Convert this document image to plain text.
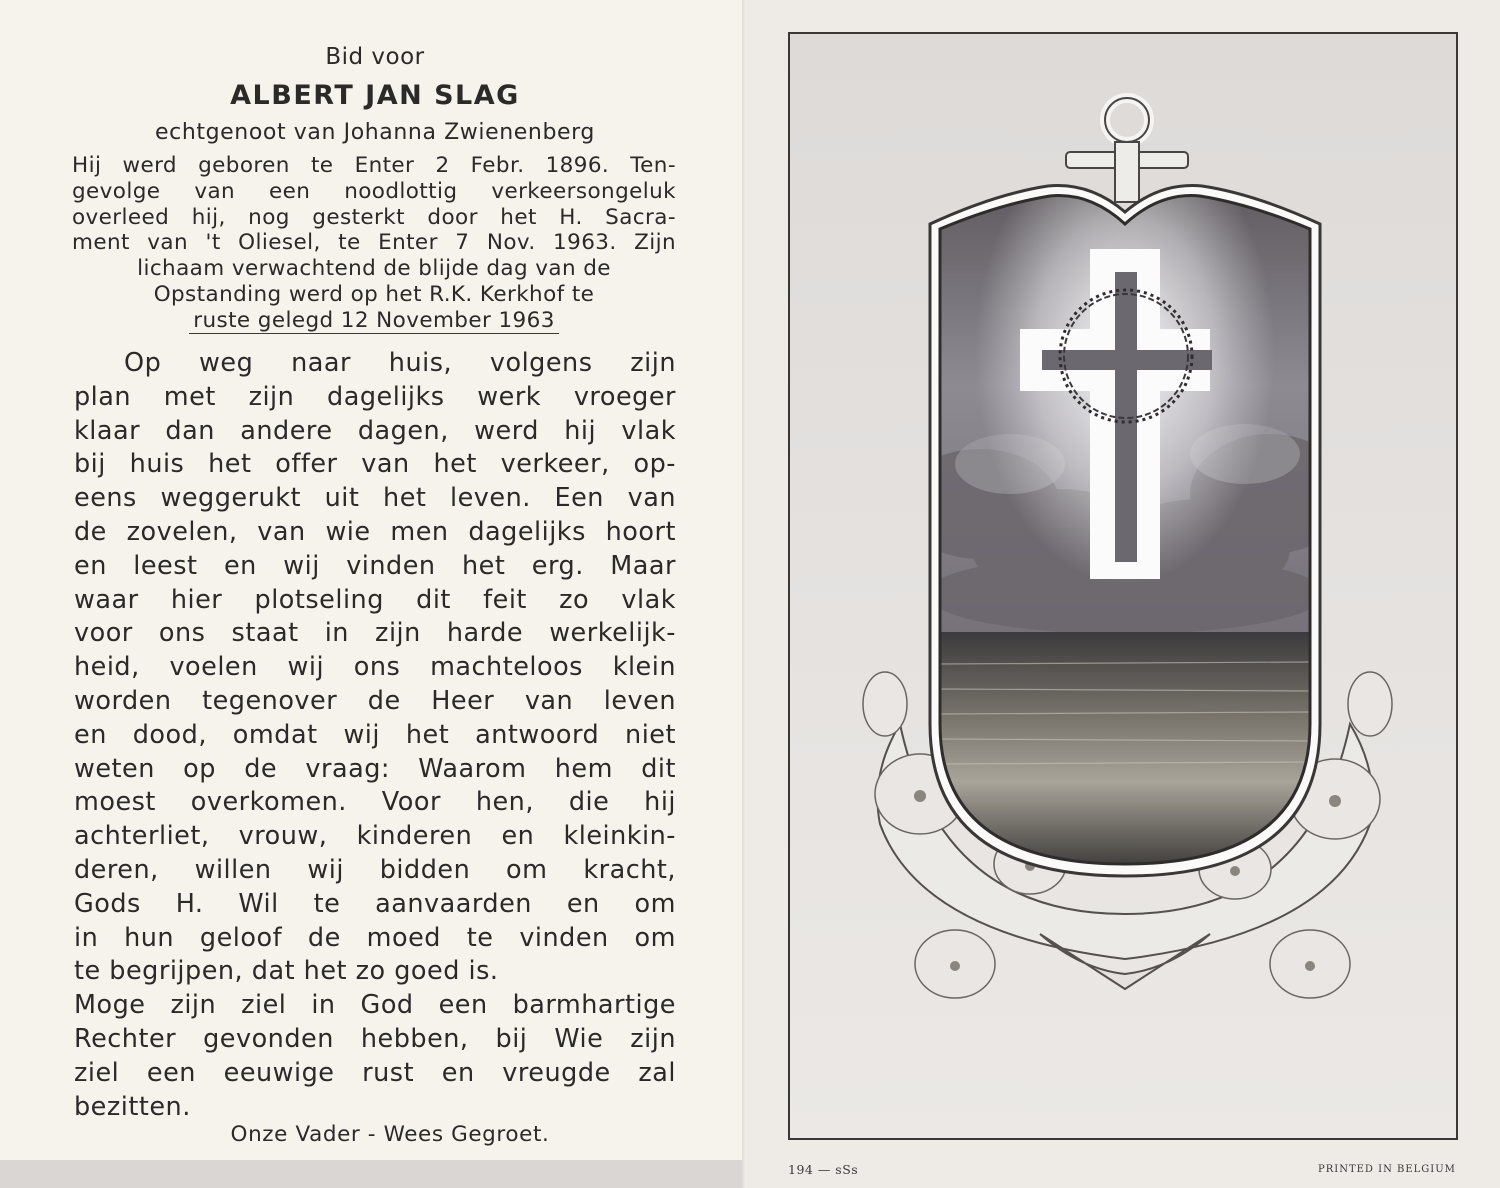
Bid voor
ALBERT JAN SLAG
echtgenoot van Johanna Zwienenberg
Hij werd geboren te Enter 2 Febr. 1896. Ten-
gevolge van een noodlottig verkeersongeluk
overleed hij, nog gesterkt door het H. Sacra-
ment van 't Oliesel, te Enter 7 Nov. 1963. Zijn
lichaam verwachtend de blijde dag van de
Opstanding werd op het R.K. Kerkhof te
ruste gelegd 12 November 1963
Op weg naar huis, volgens zijn
plan met zijn dagelijks werk vroeger
klaar dan andere dagen, werd hij vlak
bij huis het offer van het verkeer, op-
eens weggerukt uit het leven. Een van
de zovelen, van wie men dagelijks hoort
en leest en wij vinden het erg. Maar
waar hier plotseling dit feit zo vlak
voor ons staat in zijn harde werkelijk-
heid, voelen wij ons machteloos klein
worden tegenover de Heer van leven
en dood, omdat wij het antwoord niet
weten op de vraag: Waarom hem dit
moest overkomen. Voor hen, die hij
achterliet, vrouw, kinderen en kleinkin-
deren, willen wij bidden om kracht,
Gods H. Wil te aanvaarden en om
in hun geloof de moed te vinden om
te begrijpen, dat het zo goed is.
Moge zijn ziel in God een barmhartige
Rechter gevonden hebben, bij Wie zijn
ziel een eeuwige rust en vreugde zal
bezitten.
Onze Vader - Wees Gegroet.
194 — sSs	PRINTED IN BELGIUM
